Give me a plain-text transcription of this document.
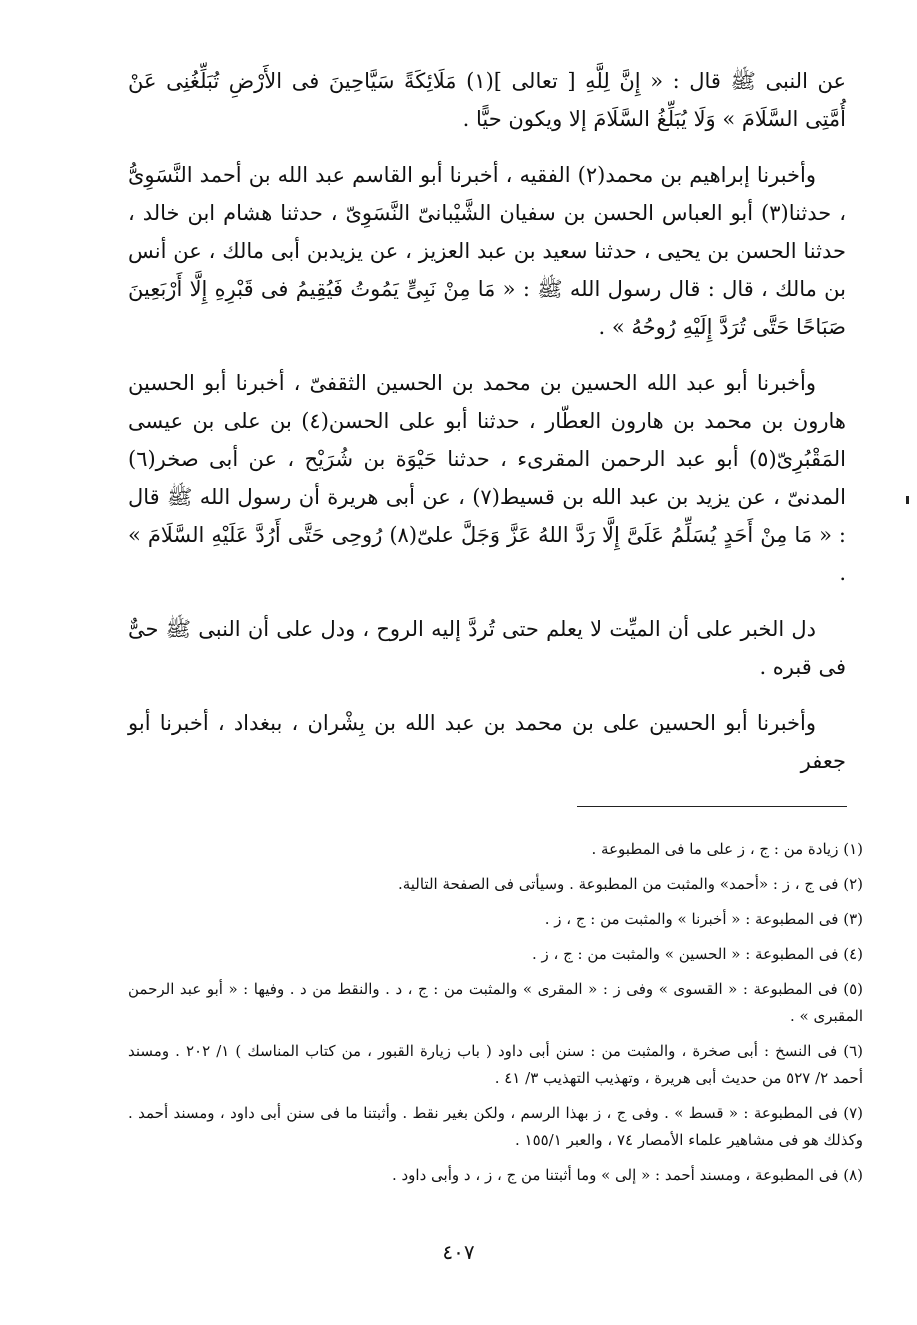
عن النبى ﷺ قال : « إِنَّ لِلَّهِ [ تعالى ](١) مَلَائِكَةً سَيَّاحِينَ فى الأَرْضِ تُبَلِّغُنِى عَنْ أُمَّتِى السَّلَامَ » وَلَا يُبَلِّغُ السَّلَامَ إلا ويكون حيًّا .

وأخبرنا إبراهيم بن محمد(٢) الفقيه ، أخبرنا أبو القاسم عبد الله بن أحمد النَّسَوِىُّ ، حدثنا(٣) أبو العباس الحسن بن سفيان الشَّيْبانىّ النَّسَوِىّ ، حدثنا هشام ابن خالد ، حدثنا الحسن بن يحيى ، حدثنا سعيد بن عبد العزيز ، عن يزيدبن أبى مالك ، عن أنس بن مالك ، قال : قال رسول الله ﷺ : « مَا مِنْ نَبِىٍّ يَمُوتُ فَيُقِيمُ فى قَبْرِهِ إِلَّا أَرْبَعِينَ صَبَاحًا حَتَّى تُرَدَّ إِلَيْهِ رُوحُهُ » .

وأخبرنا أبو عبد الله الحسين بن محمد بن الحسين الثقفىّ ، أخبرنا أبو الحسين هارون بن محمد بن هارون العطّار ، حدثنا أبو على الحسن(٤) بن على بن عيسى المَقْبُرِىّ(٥) أبو عبد الرحمن المقرىء ، حدثنا حَيْوَة بن شُرَيْح ، عن أبى صخر(٦) المدنىّ ، عن يزيد بن عبد الله بن قسيط(٧) ، عن أبى هريرة أن رسول الله ﷺ قال : « مَا مِنْ أَحَدٍ يُسَلِّمُ عَلَىَّ إِلَّا رَدَّ اللهُ عَزَّ وَجَلَّ علىّ(٨) رُوحِى حَتَّى أَرُدَّ عَلَيْهِ السَّلَامَ » .

دل الخبر على أن الميِّت لا يعلم حتى تُردَّ إليه الروح ، ودل على أن النبى ﷺ حىٌّ فى قبره .

وأخبرنا أبو الحسين على بن محمد بن عبد الله بن بِشْران ، ببغداد ، أخبرنا أبو جعفر

(١) زيادة من : ج ، ز على ما فى المطبوعة .

(٢) فى ج ، ز : «أحمد» والمثبت من المطبوعة . وسيأتى فى الصفحة التالية.

(٣) فى المطبوعة : « أخبرنا » والمثبت من : ج ، ز .

(٤) فى المطبوعة : « الحسين » والمثبت من : ج ، ز .

(٥) فى المطبوعة : « القسوى » وفى ز : « المقرى » والمثبت من : ج ، د . والنقط من د . وفيها : « أبو عبد الرحمن المقبرى » .

(٦) فى النسخ : أبى صخرة ، والمثبت من : سنن أبى داود ( باب زيارة القبور ، من كتاب المناسك ) ١/ ٢٠٢ . ومسند أحمد ٢/ ٥٢٧ من حديث أبى هريرة ، وتهذيب التهذيب ٣/ ٤١ .

(٧) فى المطبوعة : « قسط » . وفى ج ، ز بهذا الرسم ، ولكن بغير نقط . وأثبتنا ما فى سنن أبى داود ، ومسند أحمد . وكذلك هو فى مشاهير علماء الأمصار ٧٤ ، والعبر ١٥٥/١ .

(٨) فى المطبوعة ، ومسند أحمد : « إلى » وما أثبتنا من ج ، ز ، د وأبى داود .

٤٠٧
